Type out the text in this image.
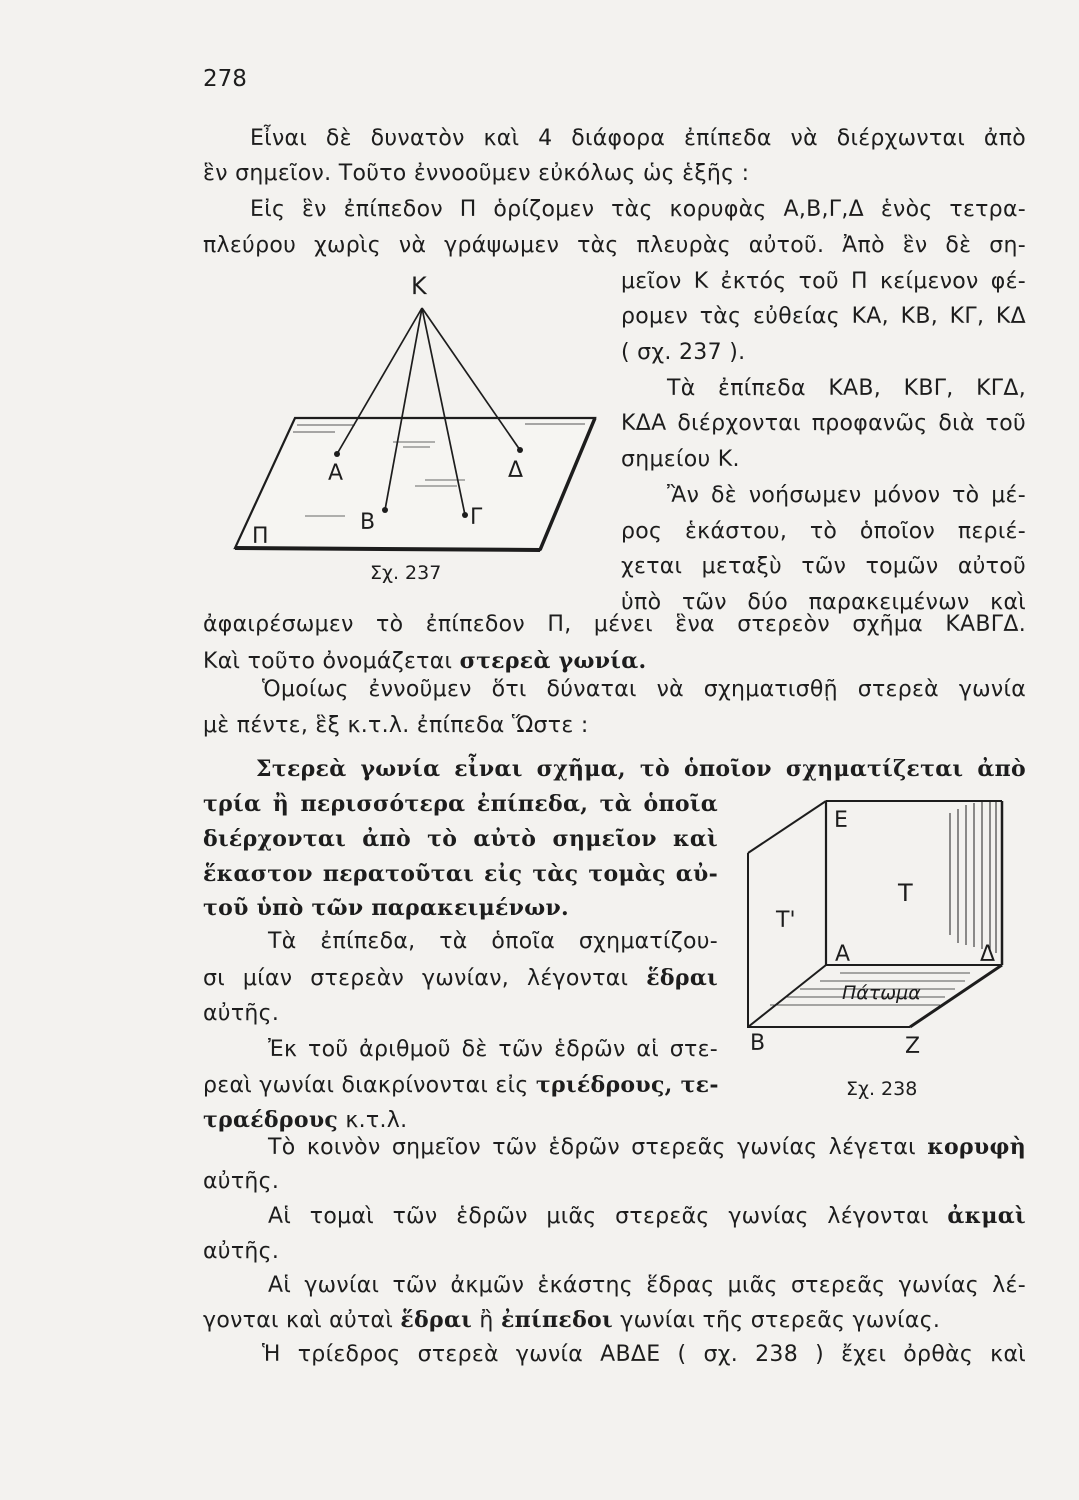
278
Εἶναι δὲ δυνατὸν καὶ 4 διάφορα ἐπίπεδα νὰ διέρχωνται ἀπὸ
ἓν σημεῖον. Τοῦτο ἐννοοῦμεν εὐκόλως ὡς ἑξῆς :
Εἰς ἓν ἐπίπεδον Π ὁρίζομεν τὰς κορυφὰς Α,Β,Γ,Δ ἑνὸς τετρα-
πλεύρου χωρὶς νὰ γράψωμεν τὰς πλευρὰς αὐτοῦ. Ἀπὸ ἓν δὲ ση-
μεῖον Κ ἐκτός τοῦ Π κείμενον φέ-
ρομεν τὰς εὐθείας ΚΑ, ΚΒ, ΚΓ, ΚΔ
( σχ. 237 ).
Τὰ ἐπίπεδα ΚΑΒ, ΚΒΓ, ΚΓΔ,
ΚΔΑ διέρχονται προφανῶς διὰ τοῦ
σημείου Κ.
Ἂν δὲ νοήσωμεν μόνον τὸ μέ-
ρος ἑκάστου, τὸ ὁποῖον περιέ-
χεται μεταξὺ τῶν τομῶν αὐτοῦ
ὑπὸ τῶν δύο παρακειμένων καὶ
Κ
Α
Β	Γ
Δ
Π
Σχ. 237
ἀφαιρέσωμεν τὸ ἐπίπεδον Π, μένει ἓνα στερεὸν σχῆμα ΚΑΒΓΔ.
Καὶ τοῦτο ὀνομάζεται στερεὰ γωνία.
Ὁμοίως ἐννοῦμεν ὅτι δύναται νὰ σχηματισθῇ στερεὰ γωνία
μὲ πέντε, ἓξ κ.τ.λ. ἐπίπεδα Ὥστε :
Στερεὰ γωνία εἶναι σχῆμα, τὸ ὁποῖον σχηματίζεται ἀπὸ
τρία ἢ περισσότερα ἐπίπεδα, τὰ ὁποῖα
διέρχονται ἀπὸ τὸ αὐτὸ σημεῖον καὶ
ἕκαστον περατοῦται εἰς τὰς τομὰς αὐ-
τοῦ ὑπὸ τῶν παρακειμένων.
Τὰ ἐπίπεδα, τὰ ὁποῖα σχηματίζου-
σι μίαν στερεὰν γωνίαν, λέγονται ἕδραι
αὐτῆς.
Ἐκ τοῦ ἀριθμοῦ δὲ τῶν ἑδρῶν αἱ στε-
ρεαὶ γωνίαι διακρίνονται εἰς τριέδρους, τε-
τραέδρους κ.τ.λ.
Ε
Τ
Τ'
Α	Δ
Β	Ζ
Πάτωμα
Σχ. 238
Τὸ κοινὸν σημεῖον τῶν ἑδρῶν στερεᾶς γωνίας λέγεται κορυφὴ
αὐτῆς.
Αἱ τομαὶ τῶν ἑδρῶν μιᾶς στερεᾶς γωνίας λέγονται ἀκμαὶ
αὐτῆς.
Αἱ γωνίαι τῶν ἀκμῶν ἑκάστης ἕδρας μιᾶς στερεᾶς γωνίας λέ-
γονται καὶ αὐταὶ ἕδραι ἢ ἐπίπεδοι γωνίαι τῆς στερεᾶς γωνίας.
Ἡ τρίεδρος στερεὰ γωνία ΑΒΔΕ ( σχ. 238 ) ἔχει ὀρθὰς καὶ
